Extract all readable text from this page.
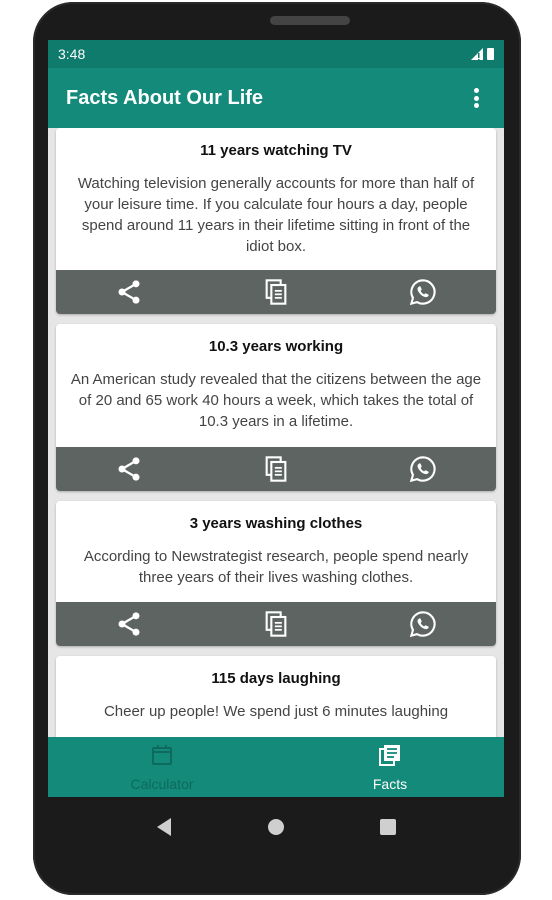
3:48
Facts About Our Life
11 years watching TV
Watching television generally accounts for more than half of your leisure time. If you calculate four hours a day, people spend around 11 years in their lifetime sitting in front of the idiot box.
10.3 years working
An American study revealed that the citizens between the age of 20 and 65 work 40 hours a week, which takes the total of 10.3 years in a lifetime.
3 years washing clothes
According to Newstrategist research, people spend nearly three years of their lives washing clothes.
115 days laughing
Cheer up people! We spend just 6 minutes laughing
Calculator	Facts
